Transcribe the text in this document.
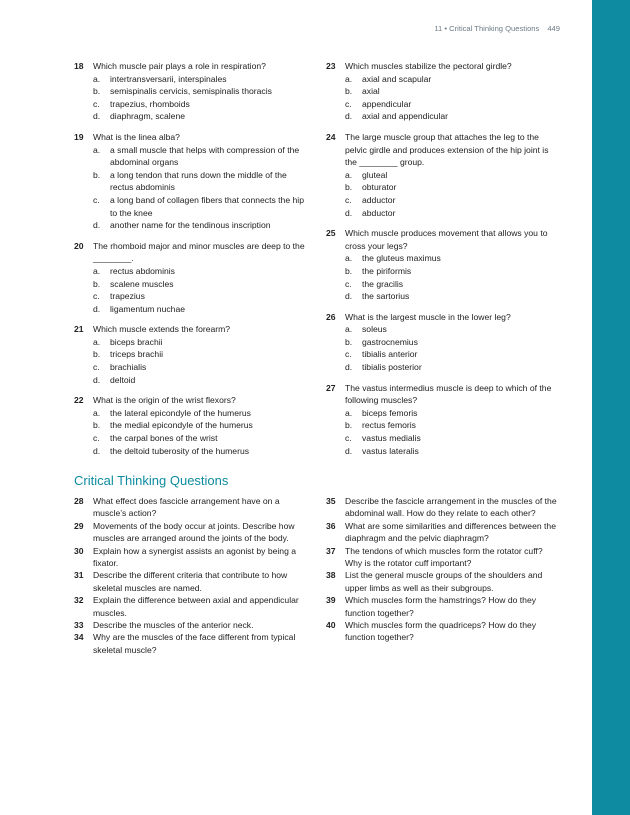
11 • Critical Thinking Questions 449
18	Which muscle pair plays a role in respiration?
a.	intertransversarii, interspinales
b.	semispinalis cervicis, semispinalis thoracis
c.	trapezius, rhomboids
d.	diaphragm, scalene
19	What is the linea alba?
a.	a small muscle that helps with compression of the abdominal organs
b.	a long tendon that runs down the middle of the rectus abdominis
c.	a long band of collagen fibers that connects the hip to the knee
d.	another name for the tendinous inscription
20	The rhomboid major and minor muscles are deep to the ________.
a.	rectus abdominis
b.	scalene muscles
c.	trapezius
d.	ligamentum nuchae
21	Which muscle extends the forearm?
a.	biceps brachii
b.	triceps brachii
c.	brachialis
d.	deltoid
22	What is the origin of the wrist flexors?
a.	the lateral epicondyle of the humerus
b.	the medial epicondyle of the humerus
c.	the carpal bones of the wrist
d.	the deltoid tuberosity of the humerus
23	Which muscles stabilize the pectoral girdle?
a.	axial and scapular
b.	axial
c.	appendicular
d.	axial and appendicular
24	The large muscle group that attaches the leg to the pelvic girdle and produces extension of the hip joint is the ________ group.
a.	gluteal
b.	obturator
c.	adductor
d.	abductor
25	Which muscle produces movement that allows you to cross your legs?
a.	the gluteus maximus
b.	the piriformis
c.	the gracilis
d.	the sartorius
26	What is the largest muscle in the lower leg?
a.	soleus
b.	gastrocnemius
c.	tibialis anterior
d.	tibialis posterior
27	The vastus intermedius muscle is deep to which of the following muscles?
a.	biceps femoris
b.	rectus femoris
c.	vastus medialis
d.	vastus lateralis
Critical Thinking Questions
28	What effect does fascicle arrangement have on a muscle’s action?
29	Movements of the body occur at joints. Describe how muscles are arranged around the joints of the body.
30	Explain how a synergist assists an agonist by being a fixator.
31	Describe the different criteria that contribute to how skeletal muscles are named.
32	Explain the difference between axial and appendicular muscles.
33	Describe the muscles of the anterior neck.
34	Why are the muscles of the face different from typical skeletal muscle?
35	Describe the fascicle arrangement in the muscles of the abdominal wall. How do they relate to each other?
36	What are some similarities and differences between the diaphragm and the pelvic diaphragm?
37	The tendons of which muscles form the rotator cuff? Why is the rotator cuff important?
38	List the general muscle groups of the shoulders and upper limbs as well as their subgroups.
39	Which muscles form the hamstrings? How do they function together?
40	Which muscles form the quadriceps? How do they function together?
